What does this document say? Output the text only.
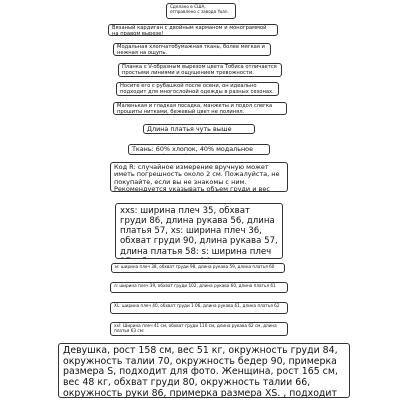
Сделано в США, отправлено с завода Yuan.
Вязаный кардиган с двойным карманом и монограммой на правом вырезе!
Модальная хлопчатобумажная ткань, более мягкая и нежная на ощупь.
Планка с V-образным вырезом цвета Тобиса отличается простыми линиями и ощущением тревожности.
Носите его с рубашкой после осени, он идеально подходит для многослойной одежды в разных сезонах.
Маленькая и гладкая посадка, манжеты и подол слегка прошиты нитками, бежевый цвет не полинял.
Длина платья чуть выше
Ткань: 60% хлопок, 40% модальное
Код R: случайное измерение вручную может иметь погрешность около 2 см. Пожалуйста, не покупайте, если вы не знакомы с ним. Рекомендуется указывать объем груди и вес
xxs: ширина плеч 35, обхват груди 86, длина рукава 56, длина платья 57, xs: ширина плеч 36, обхват груди 90, длина рукава 57, длина платья 58: s: ширина плеч
м: ширина плеч 38, обхват груди 98, длина рукава 59, длина платья 60
л: ширина плеч 39, обхват груди 102, длина рукава 60, длина платья 61
XL: ширина плеч 40, обхват груди 1 06, длина рукава 61, длина платья 62
xxl: Ширина плеч 41 см, обхват груди 110 см, длина рукава 62 см, длина платья 63 см:
Девушка, рост 158 см, вес 51 кг, окружность груди 84, окружность талии 70, окружность бедер 90, примерка размера S, подходит для фото. Женщина, рост 165 см, вес 48 кг, обхват груди 80, окружность талии 66, окружность руки 86, примерка размера XS. , подходит
